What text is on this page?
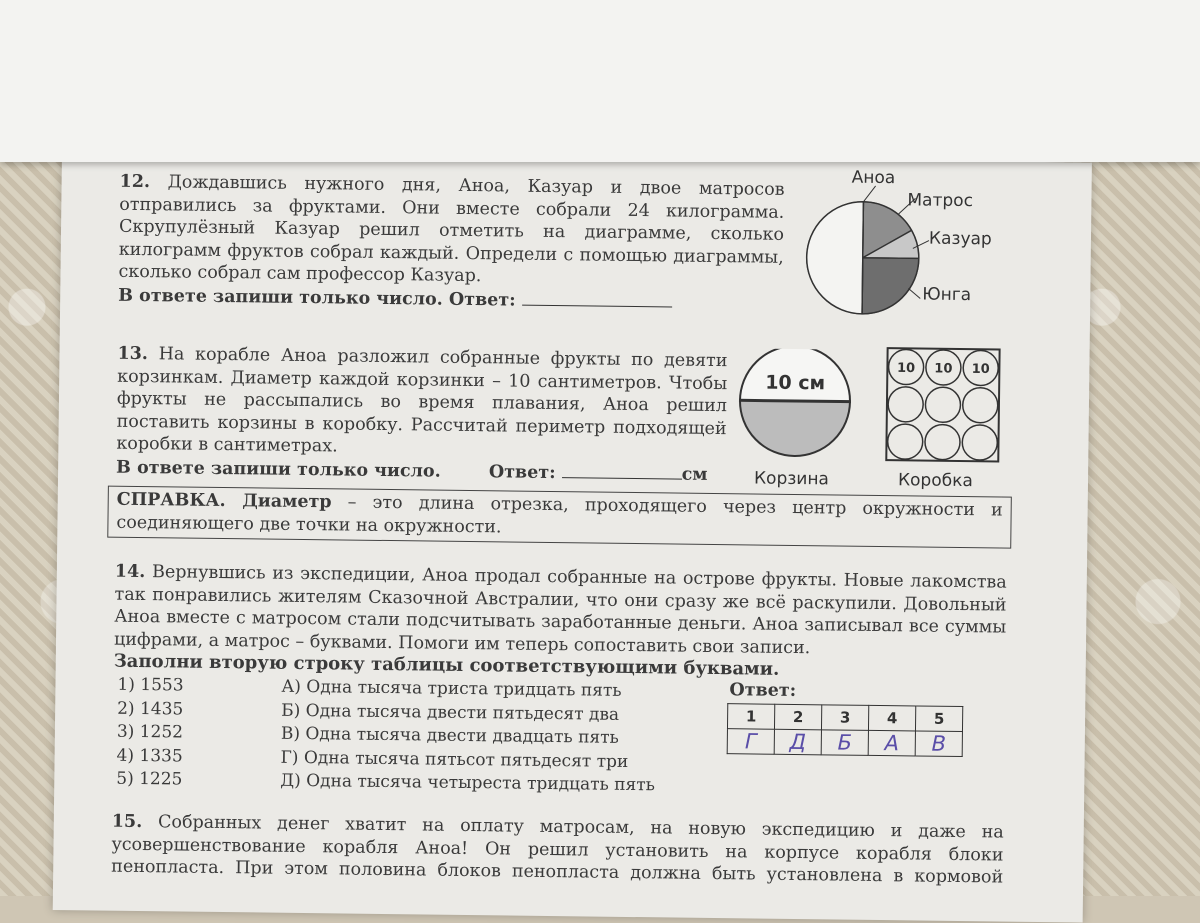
12. Дождавшись нужного дня, Аноа, Казуар и двое матросов

отправились за фруктами. Они вместе собрали 24 килограмма.

Скрупулёзный Казуар решил отметить на диаграмме, сколько

килограмм фруктов собрал каждый. Определи с помощью диаграммы,

сколько собрал сам профессор Казуар.

В ответе запиши только число. Ответ:
Аноа
Матрос
Казуар
Юнга

13. На корабле Аноа разложил собранные фрукты по девяти

корзинкам. Диаметр каждой корзинки – 10 сантиметров. Чтобы

фрукты не рассыпались во время плавания, Аноа решил

поставить корзины в коробку. Рассчитай периметр подходящей

коробки в сантиметрах.

В ответе запиши только число.	Ответ:	см
10 см
Корзина
10 10 10
Коробка

СПРАВКА. Диаметр – это длина отрезка, проходящего через центр окружности и

соединяющего две точки на окружности.

14. Вернувшись из экспедиции, Аноа продал собранные на острове фрукты. Новые лакомства

так понравились жителям Сказочной Австралии, что они сразу же всё раскупили. Довольный

Аноа вместе с матросом стали подсчитывать заработанные деньги. Аноа записывал все суммы

цифрами, а матрос – буквами. Помоги им теперь сопоставить свои записи.

Заполни вторую строку таблицы соответствующими буквами.
1) 1553
2) 1435
3) 1252
4) 1335
5) 1225
А) Одна тысяча триста тридцать пять
Б) Одна тысяча двести пятьдесят два
В) Одна тысяча двести двадцать пять
Г) Одна тысяча пятьсот пятьдесят три
Д) Одна тысяча четыреста тридцать пять
Ответ:
1	2	3	4	5
Г	Д	Б	А	В

15. Собранных денег хватит на оплату матросам, на новую экспедицию и даже на

усовершенствование корабля Аноа! Он решил установить на корпусе корабля блоки

пенопласта. При этом половина блоков пенопласта должна быть установлена в кормовой
